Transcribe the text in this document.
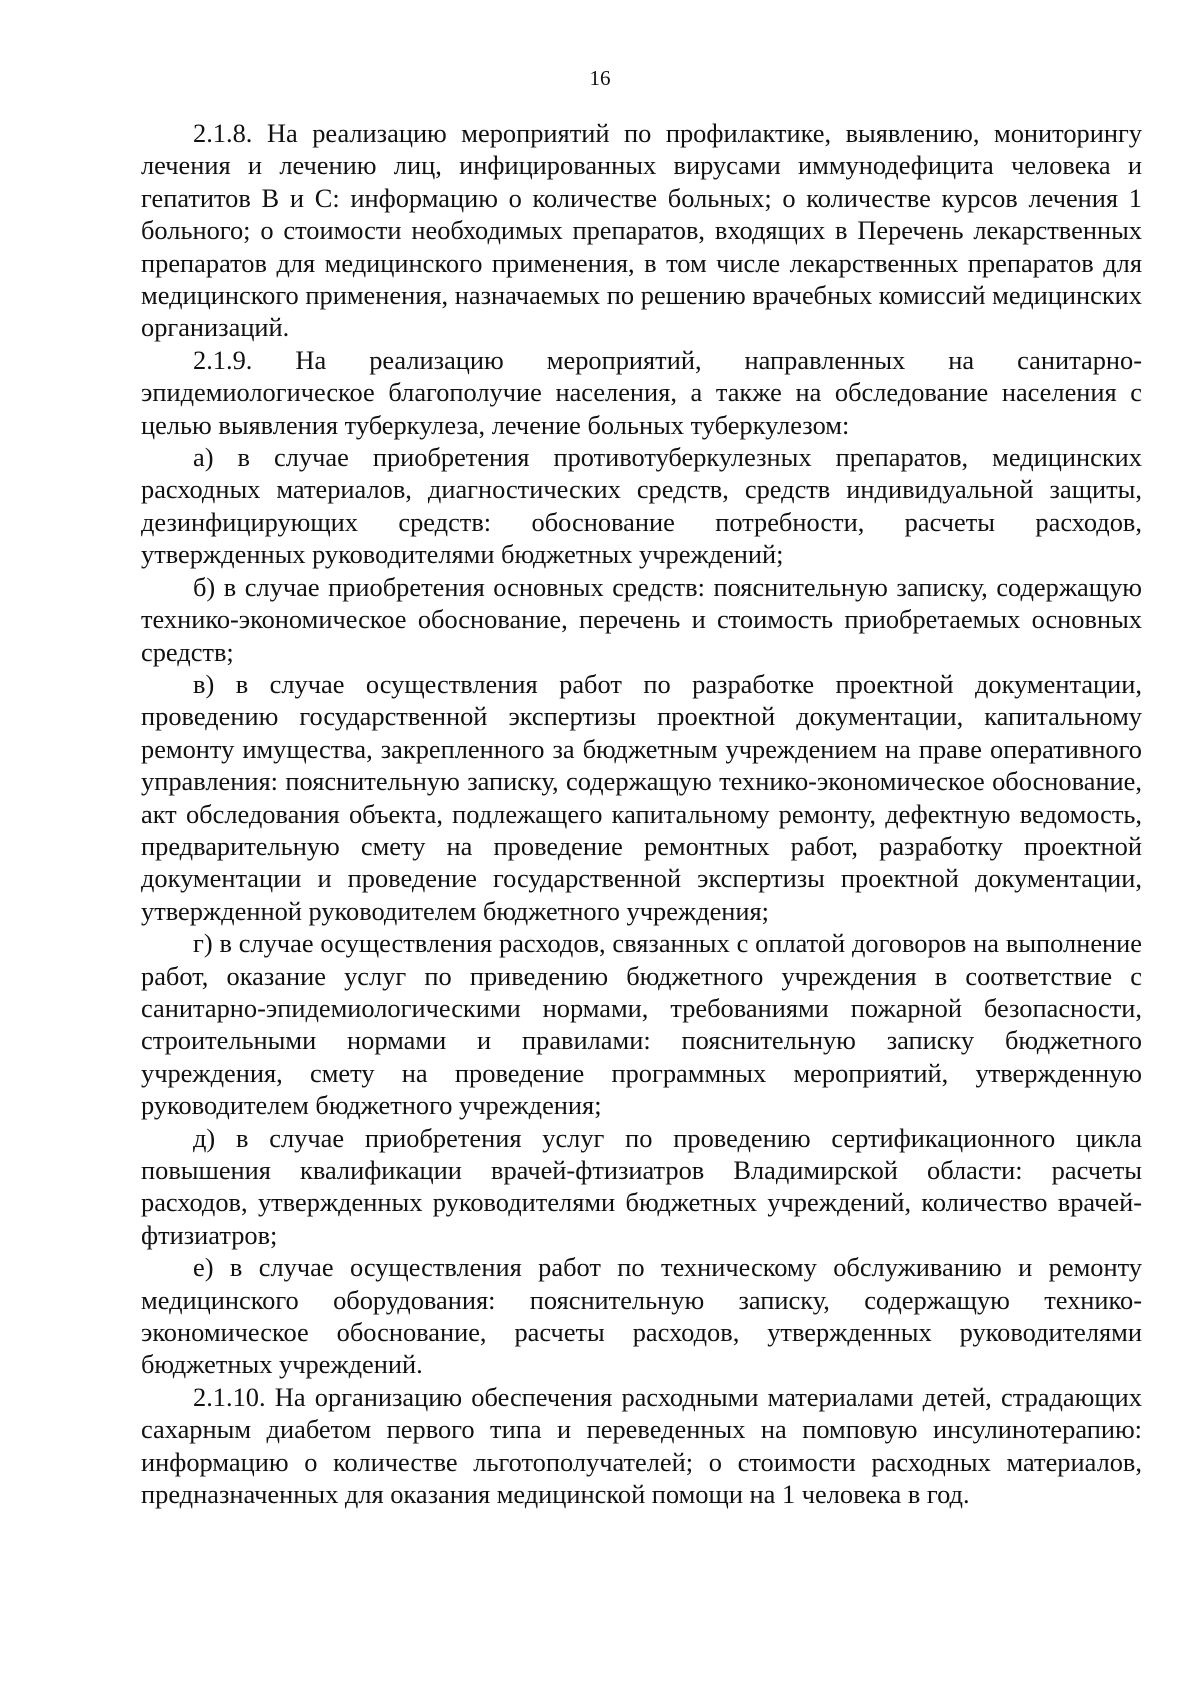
16

2.1.8. На реализацию мероприятий по профилактике, выявлению, мониторингу лечения и лечению лиц, инфицированных вирусами иммунодефицита человека и гепатитов В и С: информацию о количестве больных; о количестве курсов лечения 1 больного; о стоимости необходимых препаратов, входящих в Перечень лекарственных препаратов для медицинского применения, в том числе лекарственных препаратов для медицинского применения, назначаемых по решению врачебных комиссий медицинских организаций.

2.1.9. На реализацию мероприятий, направленных на санитарно-эпидемиологическое благополучие населения, а также на обследование населения с целью выявления туберкулеза, лечение больных туберкулезом:

а) в случае приобретения противотуберкулезных препаратов, медицинских расходных материалов, диагностических средств, средств индивидуальной защиты, дезинфицирующих средств: обоснование потребности, расчеты расходов, утвержденных руководителями бюджетных учреждений;

б) в случае приобретения основных средств: пояснительную записку, содержащую технико-экономическое обоснование, перечень и стоимость приобретаемых основных средств;

в) в случае осуществления работ по разработке проектной документации, проведению государственной экспертизы проектной документации, капитальному ремонту имущества, закрепленного за бюджетным учреждением на праве оперативного управления: пояснительную записку, содержащую технико-экономическое обоснование, акт обследования объекта, подлежащего капитальному ремонту, дефектную ведомость, предварительную смету на проведение ремонтных работ, разработку проектной документации и проведение государственной экспертизы проектной документации, утвержденной руководителем бюджетного учреждения;

г) в случае осуществления расходов, связанных с оплатой договоров на выполнение работ, оказание услуг по приведению бюджетного учреждения в соответствие с санитарно-эпидемиологическими нормами, требованиями пожарной безопасности, строительными нормами и правилами: пояснительную записку бюджетного учреждения, смету на проведение программных мероприятий, утвержденную руководителем бюджетного учреждения;

д) в случае приобретения услуг по проведению сертификационного цикла повышения квалификации врачей-фтизиатров Владимирской области: расчеты расходов, утвержденных руководителями бюджетных учреждений, количество врачей-фтизиатров;

е) в случае осуществления работ по техническому обслуживанию и ремонту медицинского оборудования: пояснительную записку, содержащую технико-экономическое обоснование, расчеты расходов, утвержденных руководителями бюджетных учреждений.

2.1.10. На организацию обеспечения расходными материалами детей, страдающих сахарным диабетом первого типа и переведенных на помповую инсулинотерапию: информацию о количестве льготополучателей; о стоимости расходных материалов, предназначенных для оказания медицинской помощи на 1 человека в год.
